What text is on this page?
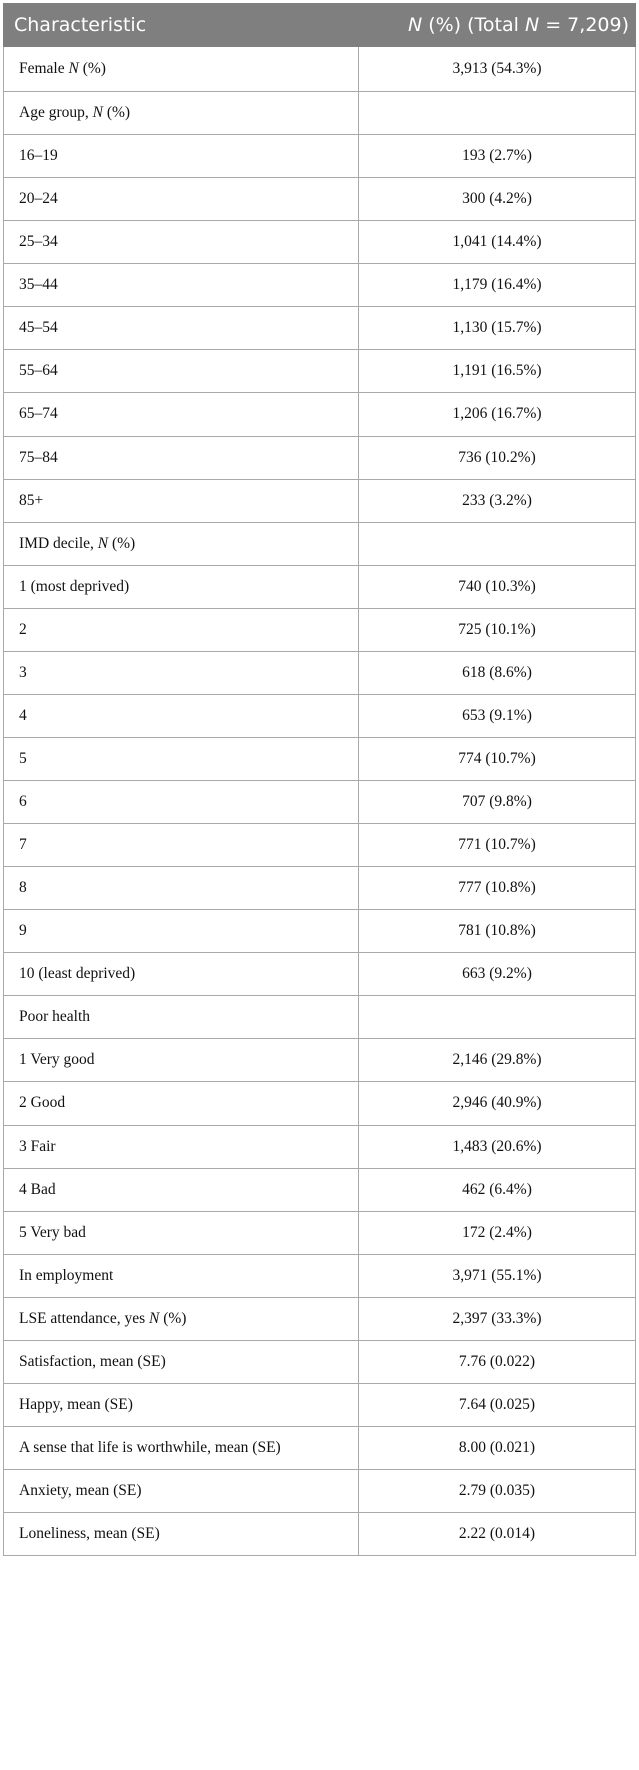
Characteristic	N (%) (Total N = 7,209)
Female N (%)	3,913 (54.3%)
Age group, N (%)	
16–19	193 (2.7%)
20–24	300 (4.2%)
25–34	1,041 (14.4%)
35–44	1,179 (16.4%)
45–54	1,130 (15.7%)
55–64	1,191 (16.5%)
65–74	1,206 (16.7%)
75–84	736 (10.2%)
85+	233 (3.2%)
IMD decile, N (%)	
1 (most deprived)	740 (10.3%)
2	725 (10.1%)
3	618 (8.6%)
4	653 (9.1%)
5	774 (10.7%)
6	707 (9.8%)
7	771 (10.7%)
8	777 (10.8%)
9	781 (10.8%)
10 (least deprived)	663 (9.2%)
Poor health	
1 Very good	2,146 (29.8%)
2 Good	2,946 (40.9%)
3 Fair	1,483 (20.6%)
4 Bad	462 (6.4%)
5 Very bad	172 (2.4%)
In employment	3,971 (55.1%)
LSE attendance, yes N (%)	2,397 (33.3%)
Satisfaction, mean (SE)	7.76 (0.022)
Happy, mean (SE)	7.64 (0.025)
A sense that life is worthwhile, mean (SE)	8.00 (0.021)
Anxiety, mean (SE)	2.79 (0.035)
Loneliness, mean (SE)	2.22 (0.014)
